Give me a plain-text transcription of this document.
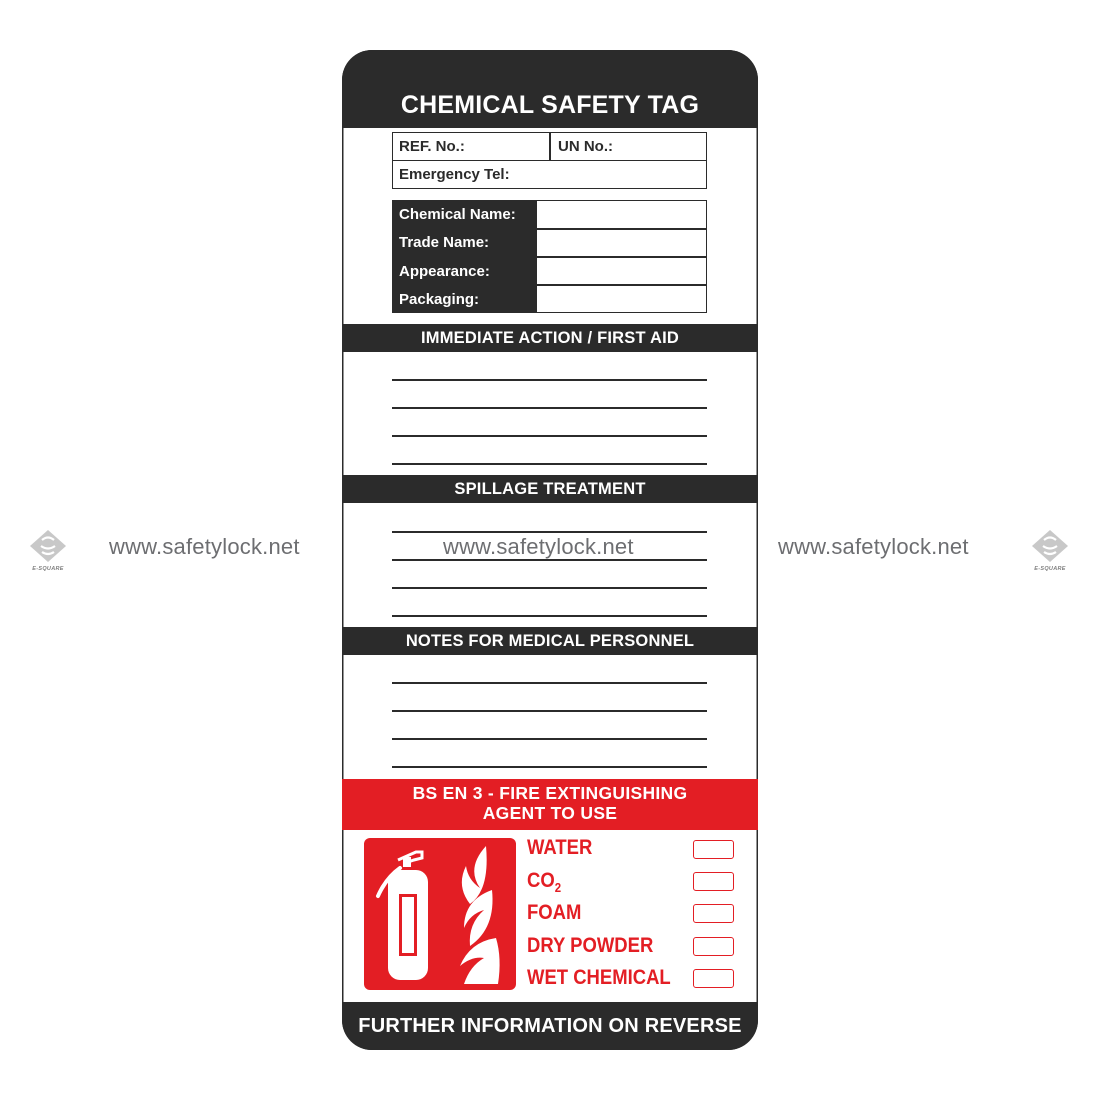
E-SQUARE
www.safetylock.net	www.safetylock.net
E-SQUARE
CHEMICAL SAFETY TAG
REF. No.:	UN No.:
Emergency Tel:
Chemical Name:
Trade Name:
Appearance:
Packaging:
IMMEDIATE ACTION / FIRST AID
SPILLAGE TREATMENT
NOTES FOR MEDICAL PERSONNEL
BS EN 3 - FIRE EXTINGUISHING
AGENT TO USE
WATER
$CO_2$
FOAM
DRY POWDER
WET CHEMICAL
FURTHER INFORMATION ON REVERSE
www.safetylock.net
